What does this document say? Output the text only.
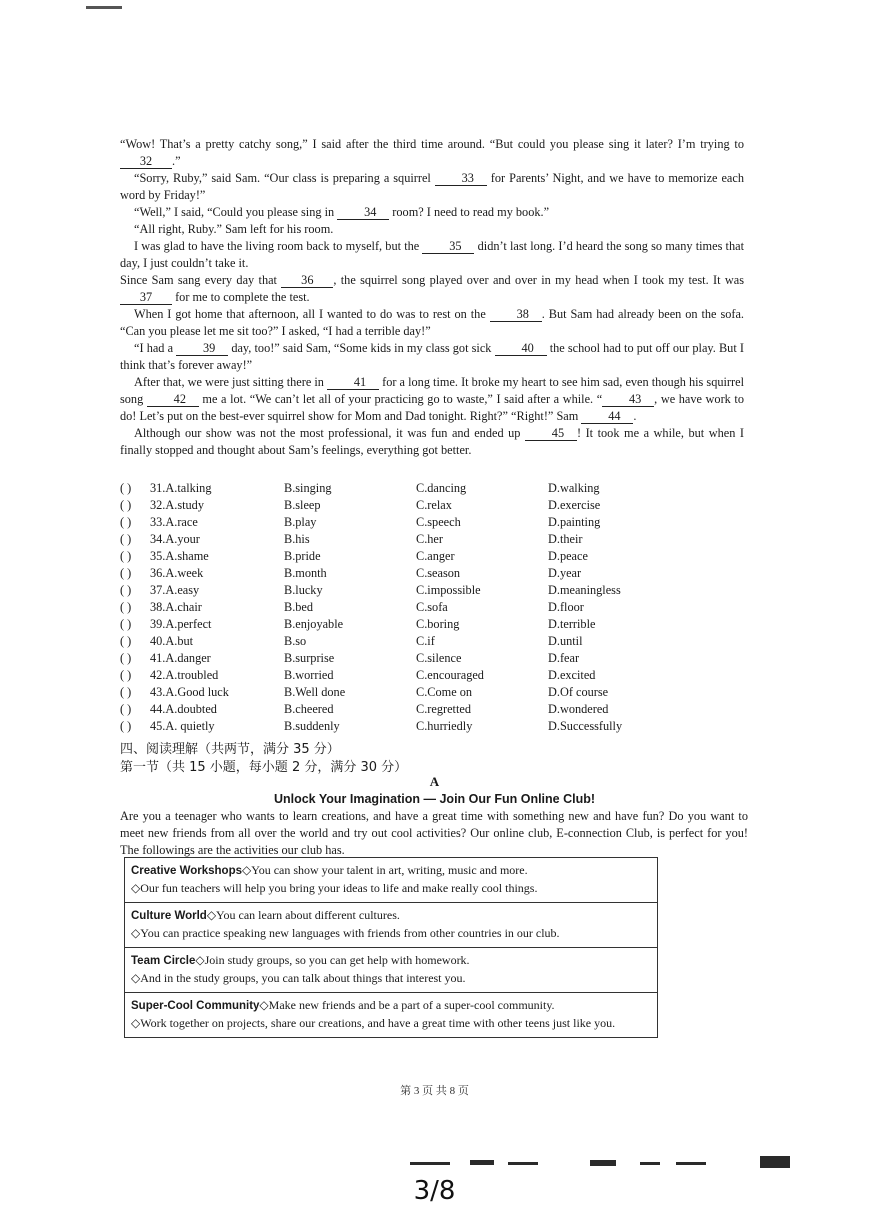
“Wow! That’s a pretty catchy song,” I said after the third time around. “But could you please sing it later? I’m trying to 32 .”

“Sorry, Ruby,” said Sam. “Our class is preparing a squirrel 33 for Parents’ Night, and we have to memorize each word by Friday!”

“Well,” I said, “Could you please sing in 34 room? I need to read my book.”

“All right, Ruby.” Sam left for his room.

I was glad to have the living room back to myself, but the 35 didn’t last long. I’d heard the song so many times that day, I just couldn’t take it.

Since Sam sang every day that 36 , the squirrel song played over and over in my head when I took my test. It was 37 for me to complete the test.

When I got home that afternoon, all I wanted to do was to rest on the 38 . But Sam had already been on the sofa. “Can you please let me sit too?” I asked, “I had a terrible day!”

“I had a 39 day, too!” said Sam, “Some kids in my class got sick 40 the school had to put off our play. But I think that’s forever away!”

After that, we were just sitting there in 41 for a long time. It broke my heart to see him sad, even though his squirrel song 42 me a lot. “We can’t let all of your practicing go to waste,” I said after a while. “ 43 , we have work to do! Let’s put on the best-ever squirrel show for Mom and Dad tonight. Right?” “Right!” Sam 44 .

Although our show was not the most professional, it was fun and ended up 45 ! It took me a while, but when I finally stopped and thought about Sam’s feelings, everything got better.

( )	31.A.talking	B.singing	C.dancing	D.walking
( )	32.A.study	B.sleep	C.relax	D.exercise
( )	33.A.race	B.play	C.speech	D.painting
( )	34.A.your	B.his	C.her	D.their
( )	35.A.shame	B.pride	C.anger	D.peace
( )	36.A.week	B.month	C.season	D.year
( )	37.A.easy	B.lucky	C.impossible	D.meaningless
( )	38.A.chair	B.bed	C.sofa	D.floor
( )	39.A.perfect	B.enjoyable	C.boring	D.terrible
( )	40.A.but	B.so	C.if	D.until
( )	41.A.danger	B.surprise	C.silence	D.fear
( )	42.A.troubled	B.worried	C.encouraged	D.excited
( )	43.A.Good luck	B.Well done	C.Come on	D.Of course
( )	44.A.doubted	B.cheered	C.regretted	D.wondered
( )	45.A. quietly	B.suddenly	C.hurriedly	D.Successfully
四、阅读理解（共两节，满分 35 分）
第一节（共 15 小题，每小题 2 分，满分 30 分）
A
Unlock Your Imagination — Join Our Fun Online Club!
Are you a teenager who wants to learn creations, and have a great time with something new and have fun? Do you want to meet new friends from all over the world and try out cool activities? Our online club, E-connection Club, is perfect for you! The followings are the activities our club has.
Creative Workshops◇You can show your talent in art, writing, music and more.
◇Our fun teachers will help you bring your ideas to life and make really cool things.
Culture World◇You can learn about different cultures.
◇You can practice speaking new languages with friends from other countries in our club.
Team Circle◇Join study groups, so you can get help with homework.
◇And in the study groups, you can talk about things that interest you.
Super-Cool Community◇Make new friends and be a part of a super-cool community.
◇Work together on projects, share our creations, and have a great time with other teens just like you.
第 3 页 共 8 页
3/8
